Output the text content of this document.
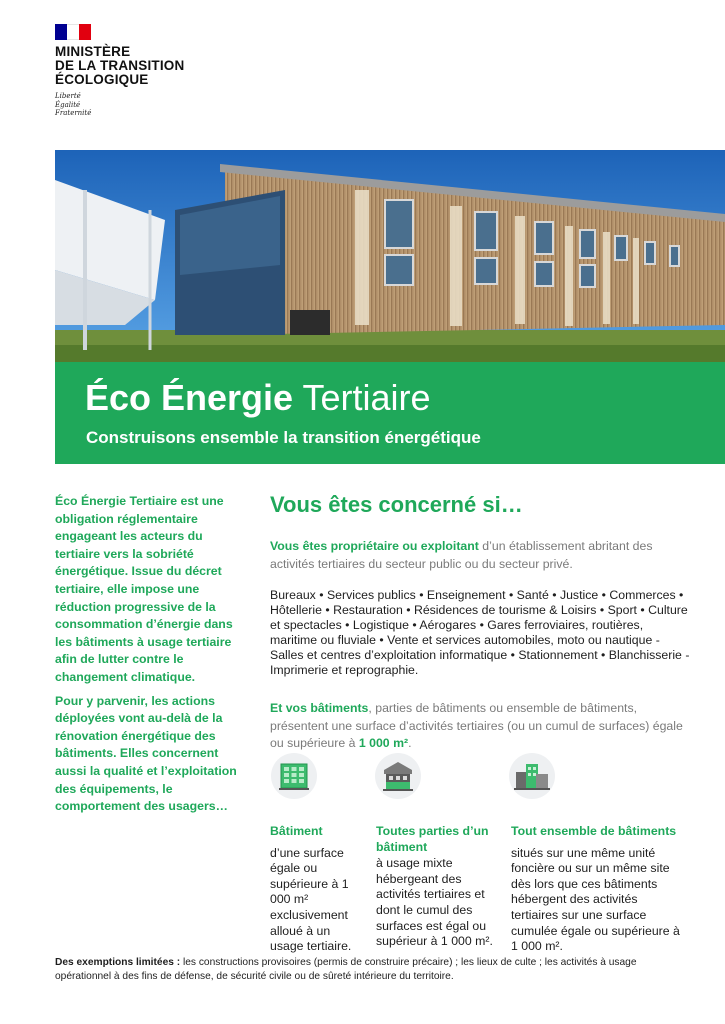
MINISTÈRE
DE LA TRANSITION
ÉCOLOGIQUE
Liberté
Égalité
Fraternité
Éco Énergie Tertiaire
Construisons ensemble la transition énergétique

Éco Énergie Tertiaire est une obligation réglementaire engageant les acteurs du tertiaire vers la sobriété énergétique. Issue du décret tertiaire, elle impose une réduction progressive de la consommation d’énergie dans les bâtiments à usage tertiaire afin de lutter contre le changement climatique.

Pour y parvenir, les actions déployées vont au-delà de la rénovation énergétique des bâtiments. Elles concernent aussi la qualité et l’exploitation des équipements, le comportement des usagers…

Vous êtes concerné si…

Vous êtes propriétaire ou exploitant d’un établissement abritant des activités tertiaires du secteur public ou du secteur privé.

Bureaux • Services publics • Enseignement • Santé • Justice • Commerces • Hôtellerie • Restauration • Résidences de tourisme & Loisirs • Sport • Culture et spectacles • Logistique • Aérogares • Gares ferroviaires, routières, maritime ou fluviale • Vente et services automobiles, moto ou nautique - Salles et centres d’exploitation informatique • Stationnement • Blanchisserie - Imprimerie et reprographie.

Et vos bâtiments, parties de bâtiments ou ensemble de bâtiments, présentent une surface d’activités tertiaires (ou un cumul de surfaces) égale ou supérieure à 1 000 m².

Bâtiment
d’une surface égale ou supérieure à 1 000 m² exclusivement alloué à un usage tertiaire.
Toutes parties d’un bâtiment
à usage mixte hébergeant des activités tertiaires et dont le cumul des surfaces est égal ou supérieur à 1 000 m².
Tout ensemble de bâtiments
situés sur une même unité foncière ou sur un même site dès lors que ces bâtiments hébergent des activités tertiaires sur une surface cumulée égale ou supérieure à 1 000 m².
Des exemptions limitées : les constructions provisoires (permis de construire précaire) ; les lieux de culte ; les activités à usage opérationnel à des fins de défense, de sécurité civile ou de sûreté intérieure du territoire.
